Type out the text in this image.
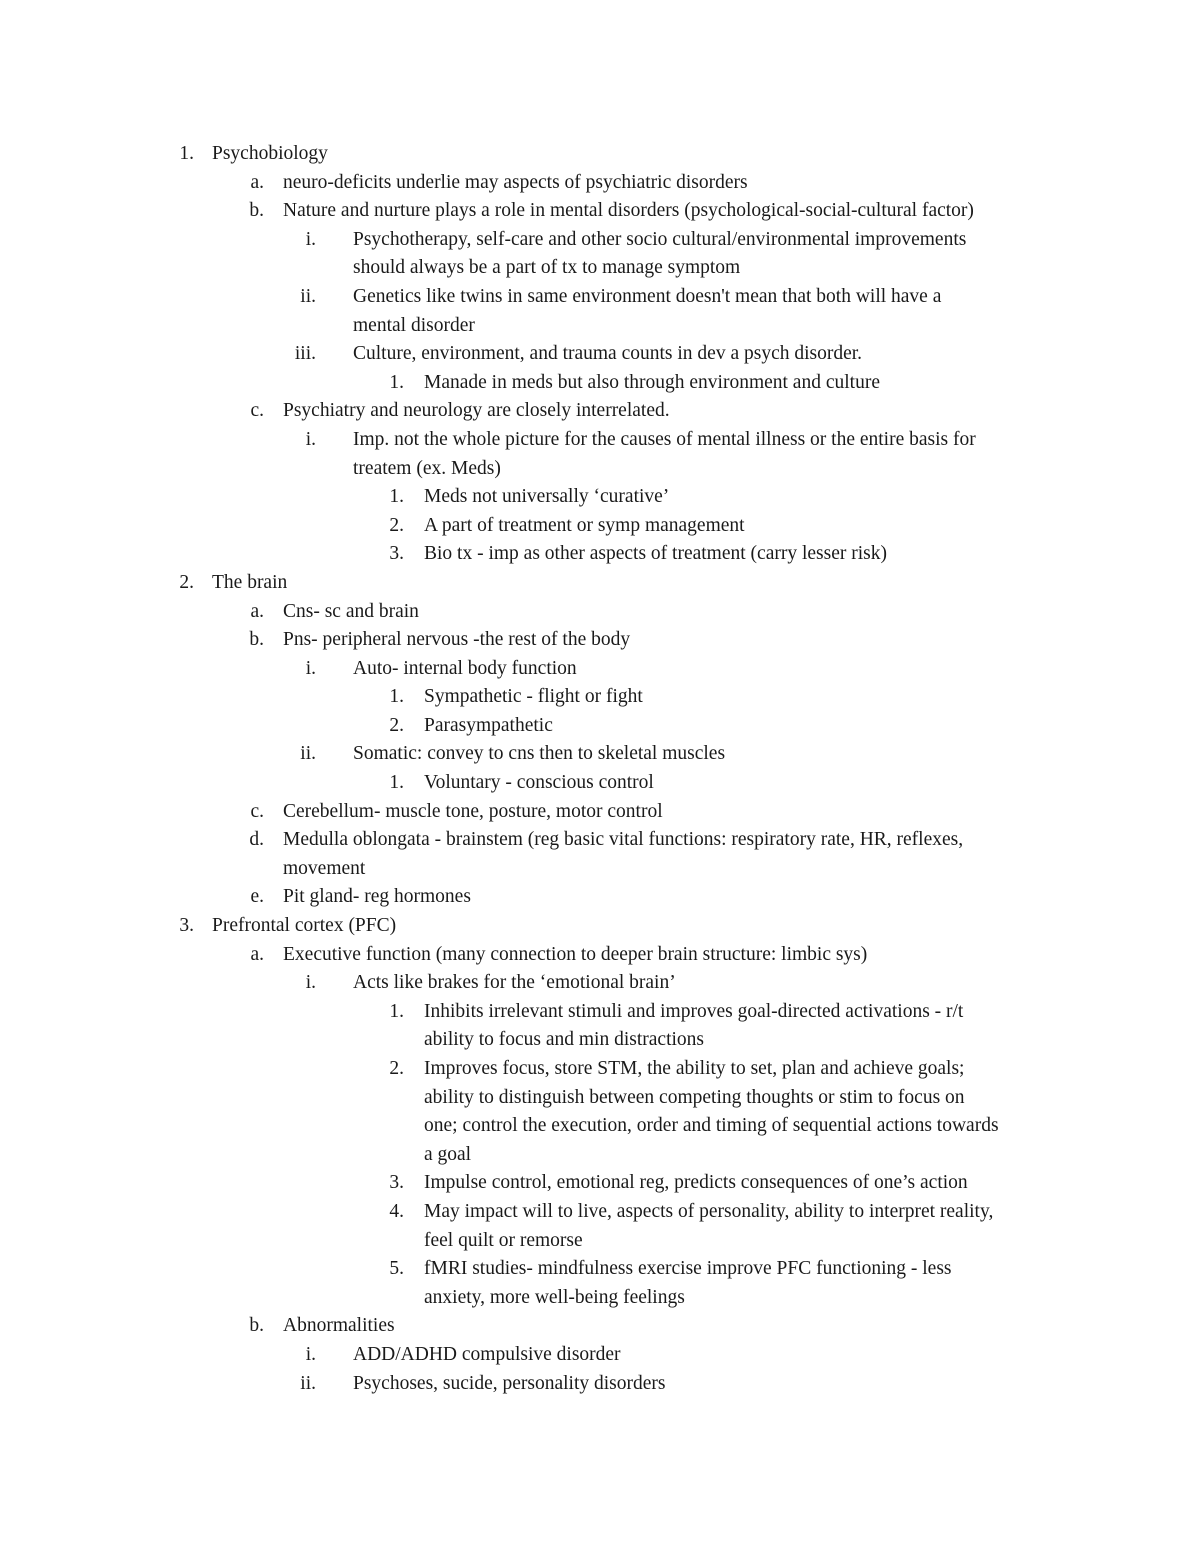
1. Psychobiology
a. neuro-deficits underlie may aspects of psychiatric disorders
b. Nature and nurture plays a role in mental disorders (psychological-social-cultural factor)
i. Psychotherapy, self-care and other socio cultural/environmental improvements
should always be a part of tx to manage symptom
ii. Genetics like twins in same environment doesn't mean that both will have a
mental disorder
iii. Culture, environment, and trauma counts in dev a psych disorder.
1. Manade in meds but also through environment and culture
c. Psychiatry and neurology are closely interrelated.
i. Imp. not the whole picture for the causes of mental illness or the entire basis for
treatem (ex. Meds)
1. Meds not universally ‘curative’
2. A part of treatment or symp management
3. Bio tx - imp as other aspects of treatment (carry lesser risk)
2. The brain
a. Cns- sc and brain
b. Pns- peripheral nervous -the rest of the body
i. Auto- internal body function
1. Sympathetic - flight or fight
2. Parasympathetic
ii. Somatic: convey to cns then to skeletal muscles
1. Voluntary - conscious control
c. Cerebellum- muscle tone, posture, motor control
d. Medulla oblongata - brainstem (reg basic vital functions: respiratory rate, HR, reflexes,
movement
e. Pit gland- reg hormones
3. Prefrontal cortex (PFC)
a. Executive function (many connection to deeper brain structure: limbic sys)
i. Acts like brakes for the ‘emotional brain’
1. Inhibits irrelevant stimuli and improves goal-directed activations - r/t
ability to focus and min distractions
2. Improves focus, store STM, the ability to set, plan and achieve goals;
ability to distinguish between competing thoughts or stim to focus on
one; control the execution, order and timing of sequential actions towards
a goal
3. Impulse control, emotional reg, predicts consequences of one’s action
4. May impact will to live, aspects of personality, ability to interpret reality,
feel quilt or remorse
5. fMRI studies- mindfulness exercise improve PFC functioning - less
anxiety, more well-being feelings
b. Abnormalities
i. ADD/ADHD compulsive disorder
ii. Psychoses, sucide, personality disorders
